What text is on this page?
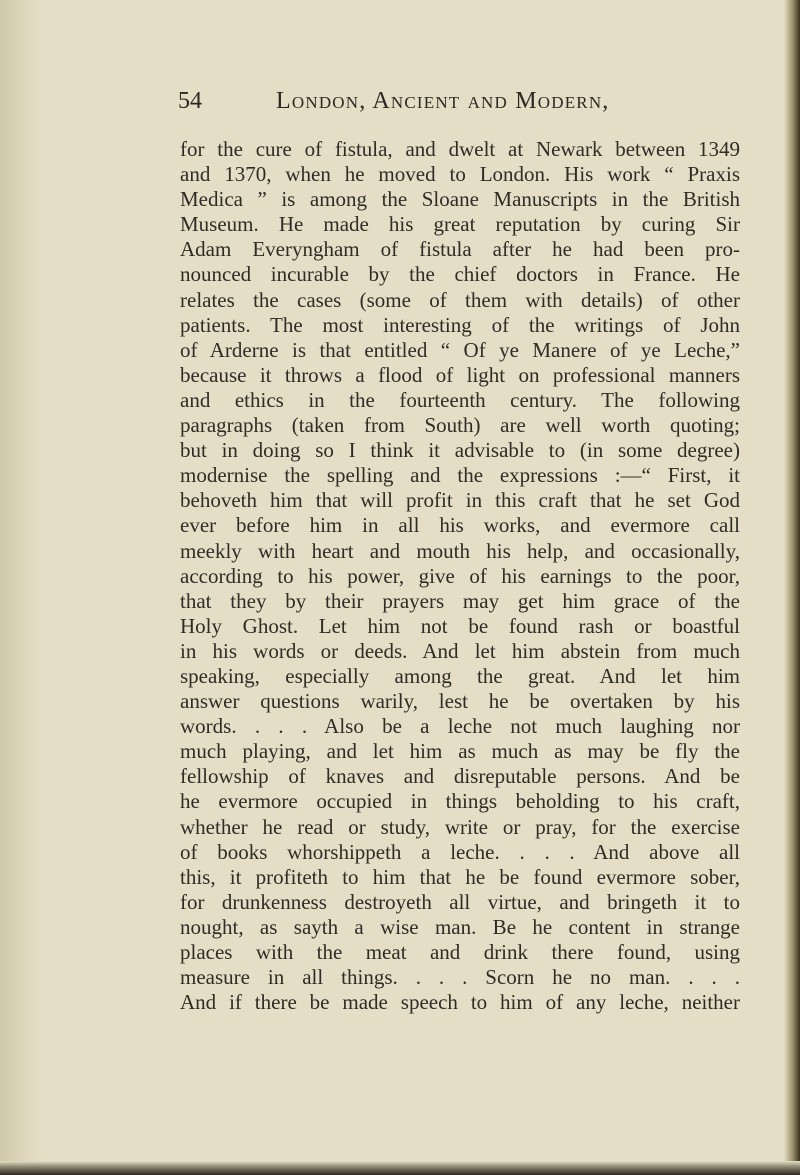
54	London, Ancient and Modern,
for the cure of fistula, and dwelt at Newark between 1349
and 1370, when he moved to London. His work “ Praxis
Medica ” is among the Sloane Manuscripts in the British
Museum. He made his great reputation by curing Sir
Adam Everyngham of fistula after he had been pro-
nounced incurable by the chief doctors in France. He
relates the cases (some of them with details) of other
patients. The most interesting of the writings of John
of Arderne is that entitled “ Of ye Manere of ye Leche,”
because it throws a flood of light on professional manners
and ethics in the fourteenth century. The following
paragraphs (taken from South) are well worth quoting;
but in doing so I think it advisable to (in some degree)
modernise the spelling and the expressions :—“ First, it
behoveth him that will profit in this craft that he set God
ever before him in all his works, and evermore call
meekly with heart and mouth his help, and occasionally,
according to his power, give of his earnings to the poor,
that they by their prayers may get him grace of the
Holy Ghost. Let him not be found rash or boastful
in his words or deeds. And let him abstein from much
speaking, especially among the great. And let him
answer questions warily, lest he be overtaken by his
words. . . . Also be a leche not much laughing nor
much playing, and let him as much as may be fly the
fellowship of knaves and disreputable persons. And be
he evermore occupied in things beholding to his craft,
whether he read or study, write or pray, for the exercise
of books whorshippeth a leche. . . . And above all
this, it profiteth to him that he be found evermore sober,
for drunkenness destroyeth all virtue, and bringeth it to
nought, as sayth a wise man. Be he content in strange
places with the meat and drink there found, using
measure in all things. . . . Scorn he no man. . . .
And if there be made speech to him of any leche, neither
